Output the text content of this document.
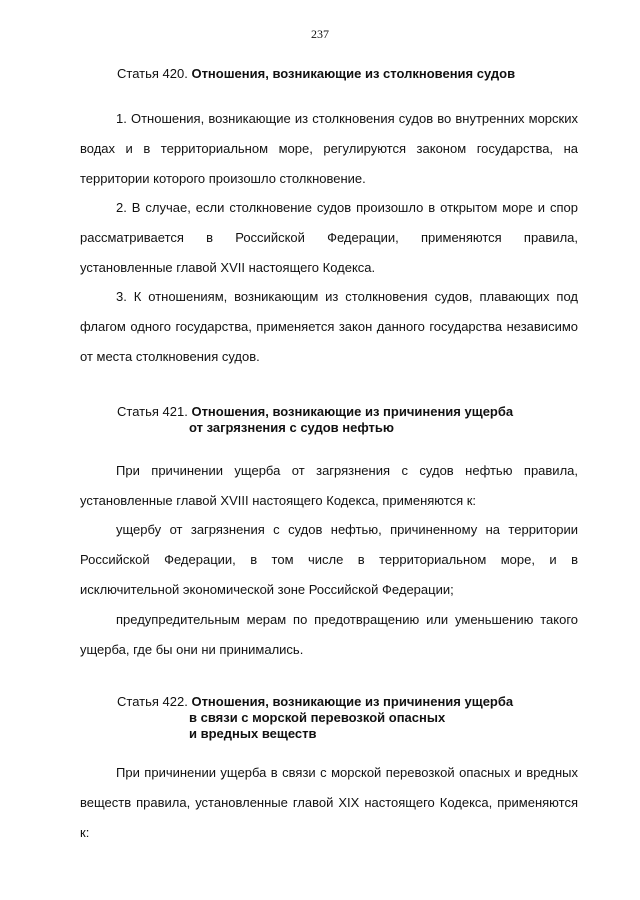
237
Статья 420. Отношения, возникающие из столкновения судов

1. Отношения, возникающие из столкновения судов во внутренних морских водах и в территориальном море, регулируются законом государства, на территории которого произошло столкновение.

2. В случае, если столкновение судов произошло в открытом море и спор рассматривается в Российской Федерации, применяются правила, установленные главой XVII настоящего Кодекса.

3. К отношениям, возникающим из столкновения судов, плавающих под флагом одного государства, применяется закон данного государства независимо от места столкновения судов.

Статья 421. Отношения, возникающие из причинения ущерба
от загрязнения с судов нефтью

При причинении ущерба от загрязнения с судов нефтью правила, установленные главой XVIII настоящего Кодекса, применяются к:

ущербу от загрязнения с судов нефтью, причиненному на территории Российской Федерации, в том числе в территориальном море, и в исключительной экономической зоне Российской Федерации;

предупредительным мерам по предотвращению или уменьшению такого ущерба, где бы они ни принимались.

Статья 422. Отношения, возникающие из причинения ущерба
в связи с морской перевозкой опасных
и вредных веществ

При причинении ущерба в связи с морской перевозкой опасных и вредных веществ правила, установленные главой XIX настоящего Кодекса, применяются к:
